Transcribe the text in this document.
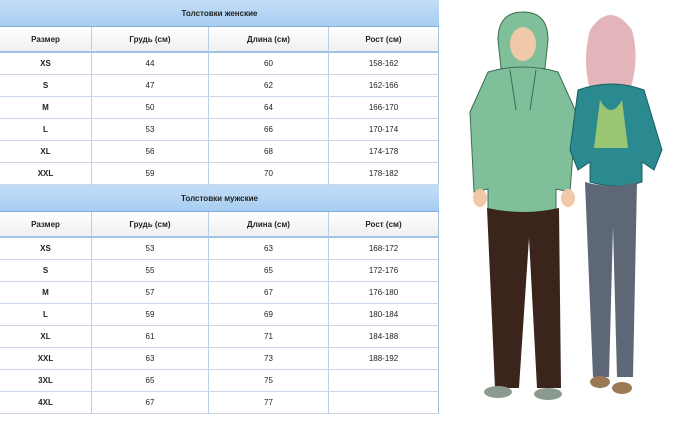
Толстовки женские			
Размер	Грудь (см)	Длина (см)	Рост (см)
XS	44	60	158-162
S	47	62	162-166
M	50	64	166-170
L	53	66	170-174
XL	56	68	174-178
XXL	59	70	178-182
Толстовки мужские			
Размер	Грудь (см)	Длина (см)	Рост (см)
XS	53	63	168-172
S	55	65	172-176
M	57	67	176-180
L	59	69	180-184
XL	61	71	184-188
XXL	63	73	188-192
3XL	65	75	
4XL	67	77	
